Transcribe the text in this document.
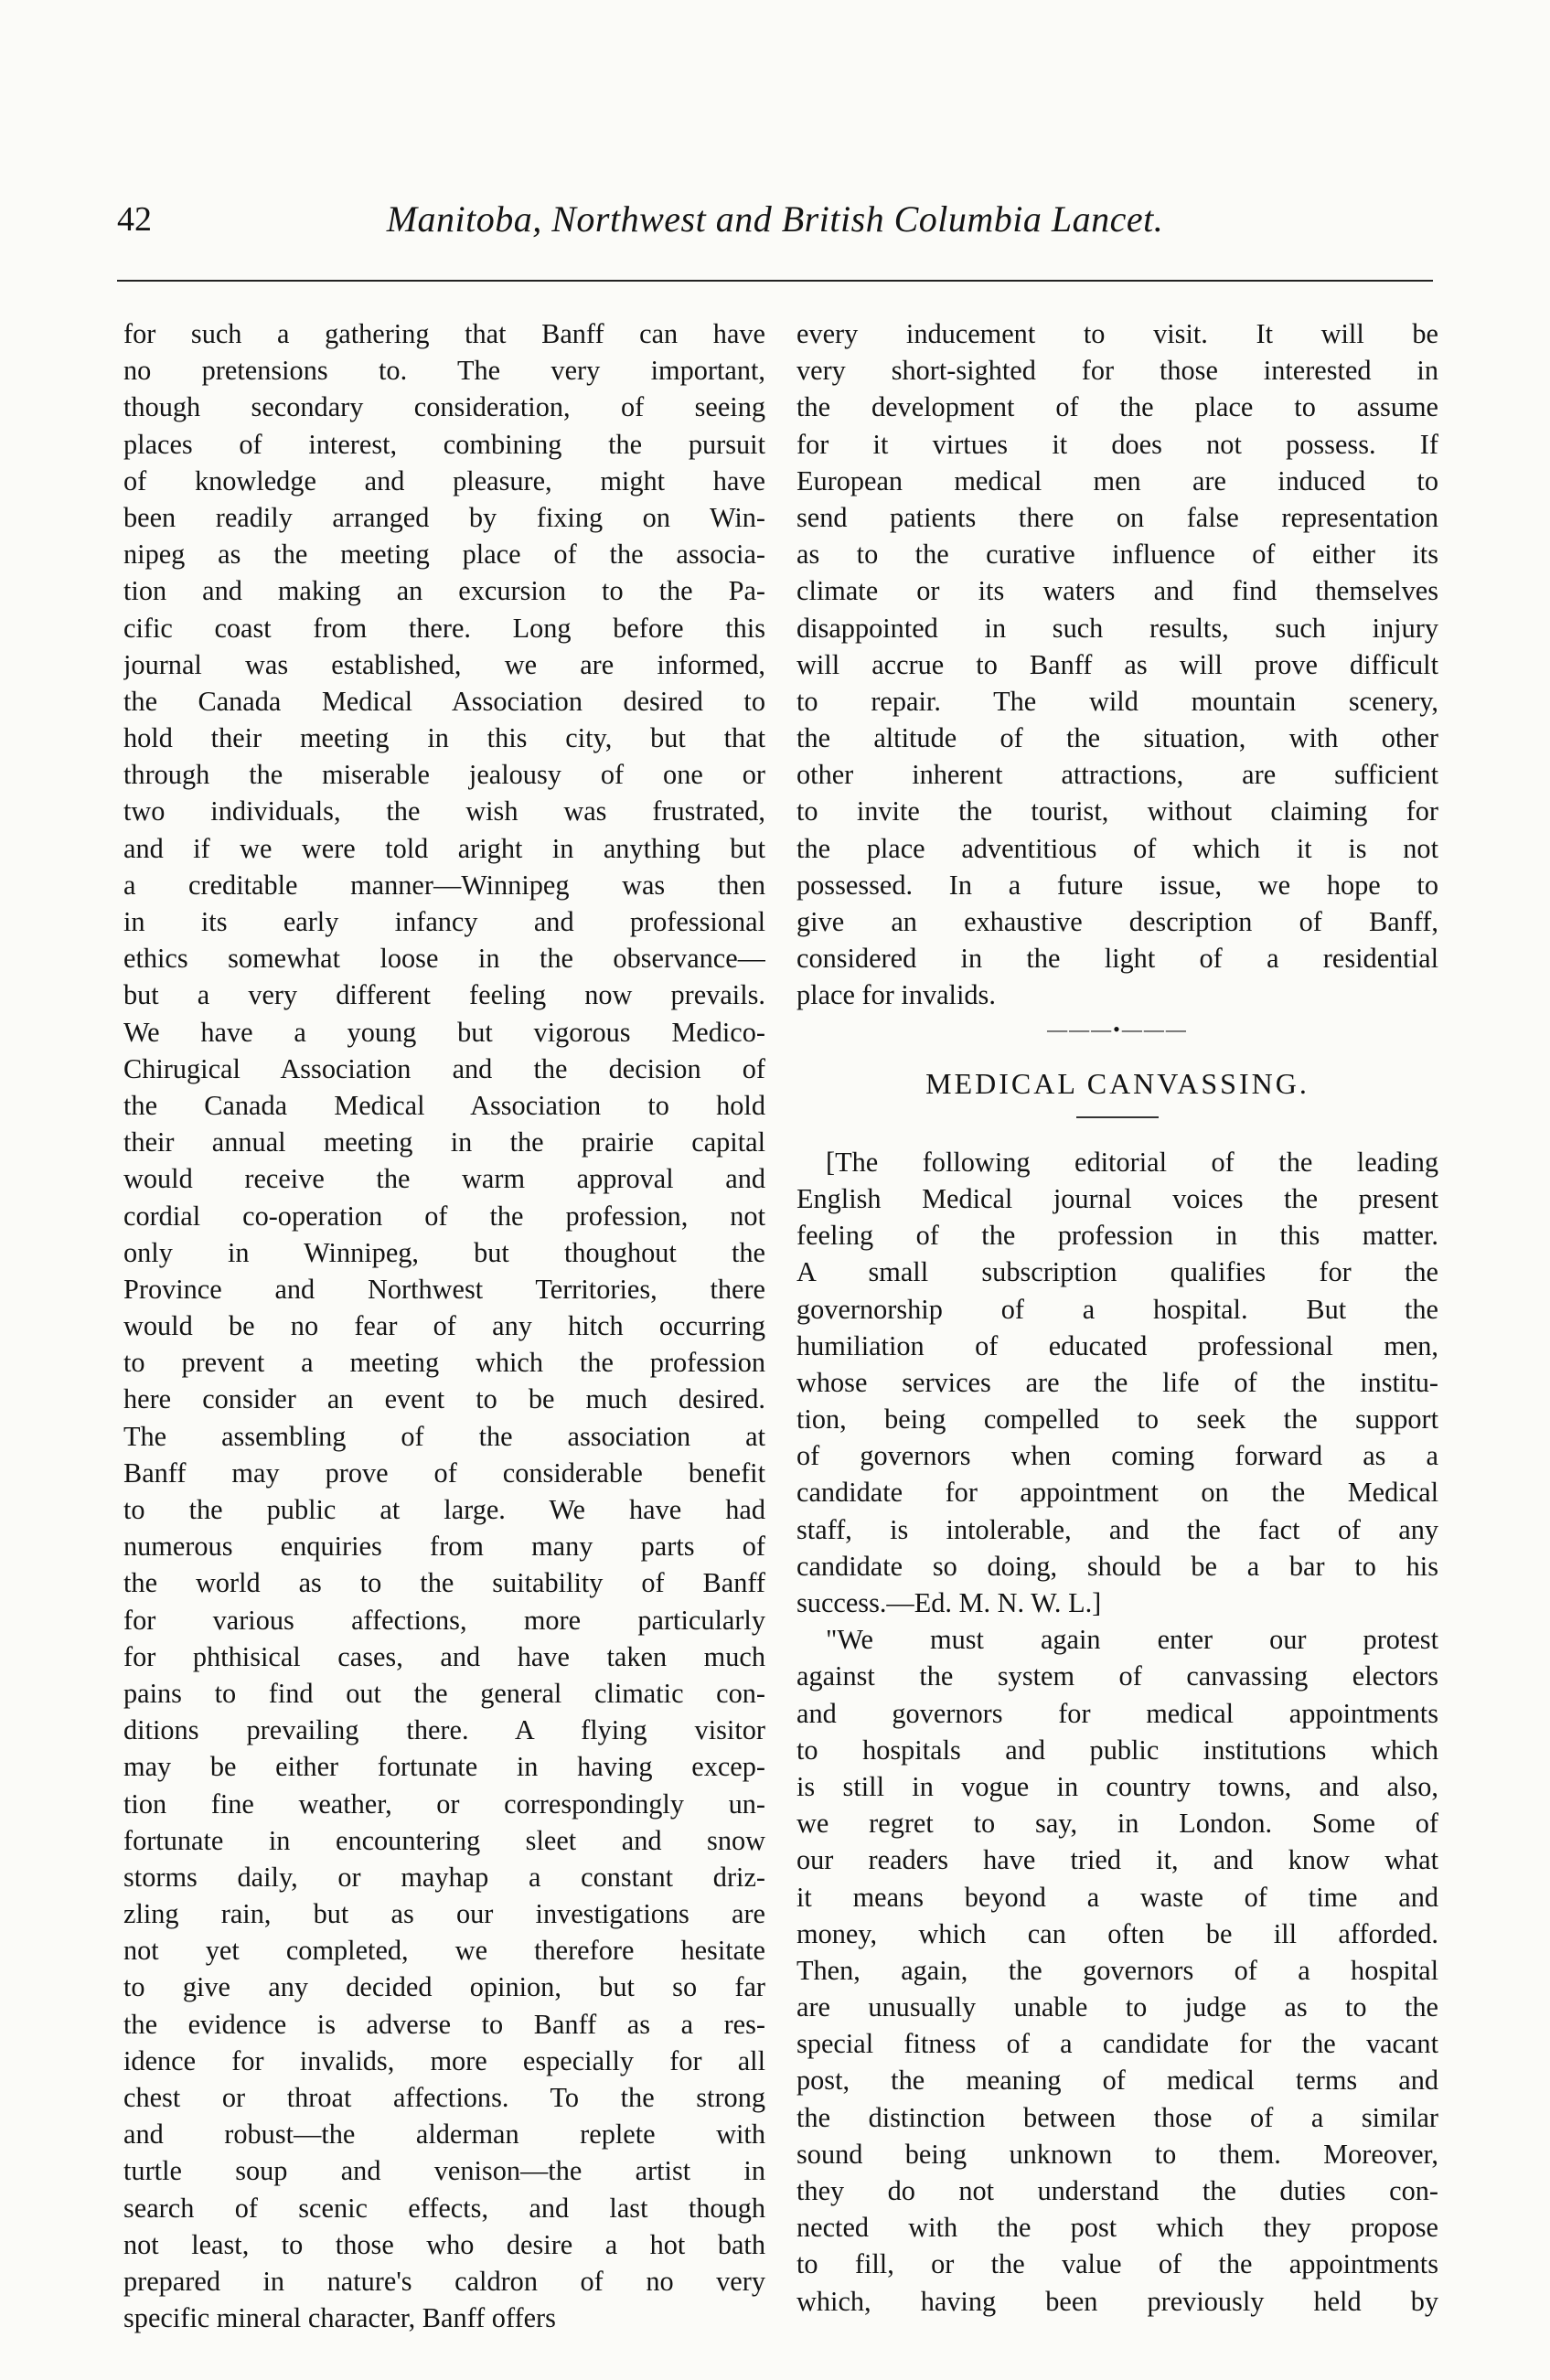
42	Manitoba, Northwest and British Columbia Lancet.
for such a gathering that Banff can have
no pretensions to. The very important,
though secondary consideration, of seeing
places of interest, combining the pursuit
of knowledge and pleasure, might have
been readily arranged by fixing on Win-
nipeg as the meeting place of the associa-
tion and making an excursion to the Pa-
cific coast from there. Long before this
journal was established, we are informed,
the Canada Medical Association desired to
hold their meeting in this city, but that
through the miserable jealousy of one or
two individuals, the wish was frustrated,
and if we were told aright in anything but
a creditable manner—Winnipeg was then
in its early infancy and professional
ethics somewhat loose in the observance—
but a very different feeling now prevails.
We have a young but vigorous Medico-
Chirugical Association and the decision of
the Canada Medical Association to hold
their annual meeting in the prairie capital
would receive the warm approval and
cordial co-operation of the profession, not
only in Winnipeg, but thoughout the
Province and Northwest Territories, there
would be no fear of any hitch occurring
to prevent a meeting which the profession
here consider an event to be much desired.
The assembling of the association at
Banff may prove of considerable benefit
to the public at large. We have had
numerous enquiries from many parts of
the world as to the suitability of Banff
for various affections, more particularly
for phthisical cases, and have taken much
pains to find out the general climatic con-
ditions prevailing there. A flying visitor
may be either fortunate in having excep-
tion fine weather, or correspondingly un-
fortunate in encountering sleet and snow
storms daily, or mayhap a constant driz-
zling rain, but as our investigations are
not yet completed, we therefore hesitate
to give any decided opinion, but so far
the evidence is adverse to Banff as a res-
idence for invalids, more especially for all
chest or throat affections. To the strong
and robust—the alderman replete with
turtle soup and venison—the artist in
search of scenic effects, and last though
not least, to those who desire a hot bath
prepared in nature's caldron of no very
specific mineral character, Banff offers
every inducement to visit. It will be
very short-sighted for those interested in
the development of the place to assume
for it virtues it does not possess. If
European medical men are induced to
send patients there on false representation
as to the curative influence of either its
climate or its waters and find themselves
disappointed in such results, such injury
will accrue to Banff as will prove difficult
to repair. The wild mountain scenery,
the altitude of the situation, with other
other inherent attractions, are sufficient
to invite the tourist, without claiming for
the place adventitious of which it is not
possessed. In a future issue, we hope to
give an exhaustive description of Banff,
considered in the light of a residential
place for invalids.
———•———
MEDICAL CANVASSING.
[The following editorial of the leading
English Medical journal voices the present
feeling of the profession in this matter.
A small subscription qualifies for the
governorship of a hospital. But the
humiliation of educated professional men,
whose services are the life of the institu-
tion, being compelled to seek the support
of governors when coming forward as a
candidate for appointment on the Medical
staff, is intolerable, and the fact of any
candidate so doing, should be a bar to his
success.—Ed. M. N. W. L.]
"We must again enter our protest
against the system of canvassing electors
and governors for medical appointments
to hospitals and public institutions which
is still in vogue in country towns, and also,
we regret to say, in London. Some of
our readers have tried it, and know what
it means beyond a waste of time and
money, which can often be ill afforded.
Then, again, the governors of a hospital
are unusually unable to judge as to the
special fitness of a candidate for the vacant
post, the meaning of medical terms and
the distinction between those of a similar
sound being unknown to them. Moreover,
they do not understand the duties con-
nected with the post which they propose
to fill, or the value of the appointments
which, having been previously held by
